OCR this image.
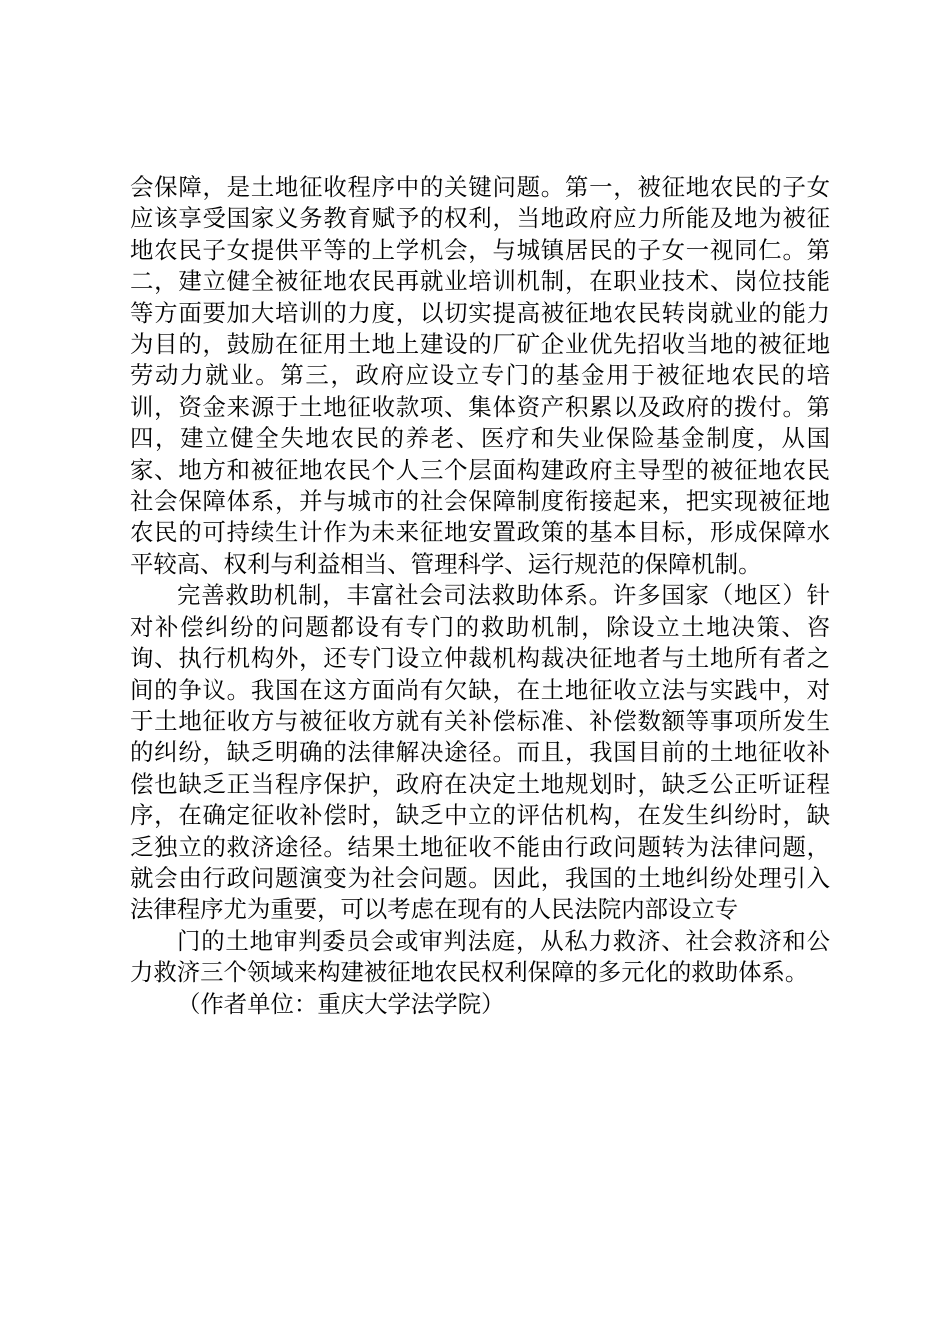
会保障，是土地征收程序中的关键问题。第一，被征地农民的子女应该享受国家义务教育赋予的权利，当地政府应力所能及地为被征地农民子女提供平等的上学机会，与城镇居民的子女一视同仁。第二，建立健全被征地农民再就业培训机制，在职业技术、岗位技能等方面要加大培训的力度，以切实提高被征地农民转岗就业的能力为目的，鼓励在征用土地上建设的厂矿企业优先招收当地的被征地劳动力就业。第三，政府应设立专门的基金用于被征地农民的培训，资金来源于土地征收款项、集体资产积累以及政府的拨付。第四，建立健全失地农民的养老、医疗和失业保险基金制度，从国家、地方和被征地农民个人三个层面构建政府主导型的被征地农民社会保障体系，并与城市的社会保障制度衔接起来，把实现被征地农民的可持续生计作为未来征地安置政策的基本目标，形成保障水平较高、权利与利益相当、管理科学、运行规范的保障机制。

完善救助机制，丰富社会司法救助体系。许多国家（地区）针对补偿纠纷的问题都设有专门的救助机制，除设立土地决策、咨询、执行机构外，还专门设立仲裁机构裁决征地者与土地所有者之间的争议。我国在这方面尚有欠缺，在土地征收立法与实践中，对于土地征收方与被征收方就有关补偿标准、补偿数额等事项所发生的纠纷，缺乏明确的法律解决途径。而且，我国目前的土地征收补偿也缺乏正当程序保护，政府在决定土地规划时，缺乏公正听证程序，在确定征收补偿时，缺乏中立的评估机构，在发生纠纷时，缺乏独立的救济途径。结果土地征收不能由行政问题转为法律问题，就会由行政问题演变为社会问题。因此，我国的土地纠纷处理引入法律程序尤为重要，可以考虑在现有的人民法院内部设立专

门的土地审判委员会或审判法庭，从私力救济、社会救济和公力救济三个领域来构建被征地农民权利保障的多元化的救助体系。

（作者单位：重庆大学法学院）
